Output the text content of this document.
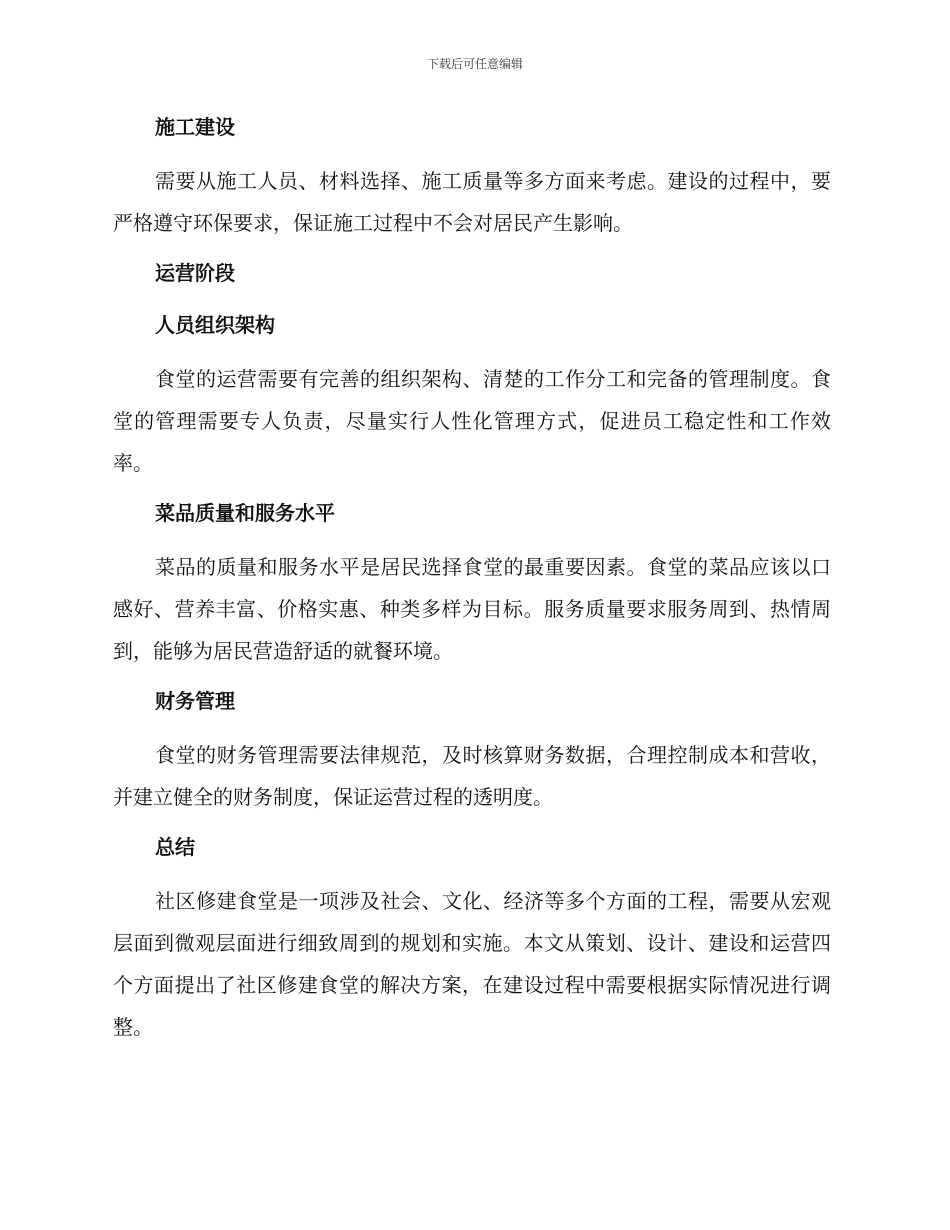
下载后可任意编辑
施工建设

需要从施工人员、材料选择、施工质量等多方面来考虑。建设的过程中，要严格遵守环保要求，保证施工过程中不会对居民产生影响。

运营阶段
人员组织架构

食堂的运营需要有完善的组织架构、清楚的工作分工和完备的管理制度。食堂的管理需要专人负责，尽量实行人性化管理方式，促进员工稳定性和工作效率。

菜品质量和服务水平

菜品的质量和服务水平是居民选择食堂的最重要因素。食堂的菜品应该以口感好、营养丰富、价格实惠、种类多样为目标。服务质量要求服务周到、热情周到，能够为居民营造舒适的就餐环境。

财务管理

食堂的财务管理需要法律规范，及时核算财务数据，合理控制成本和营收，并建立健全的财务制度，保证运营过程的透明度。

总结

社区修建食堂是一项涉及社会、文化、经济等多个方面的工程，需要从宏观层面到微观层面进行细致周到的规划和实施。本文从策划、设计、建设和运营四个方面提出了社区修建食堂的解决方案，在建设过程中需要根据实际情况进行调整。
